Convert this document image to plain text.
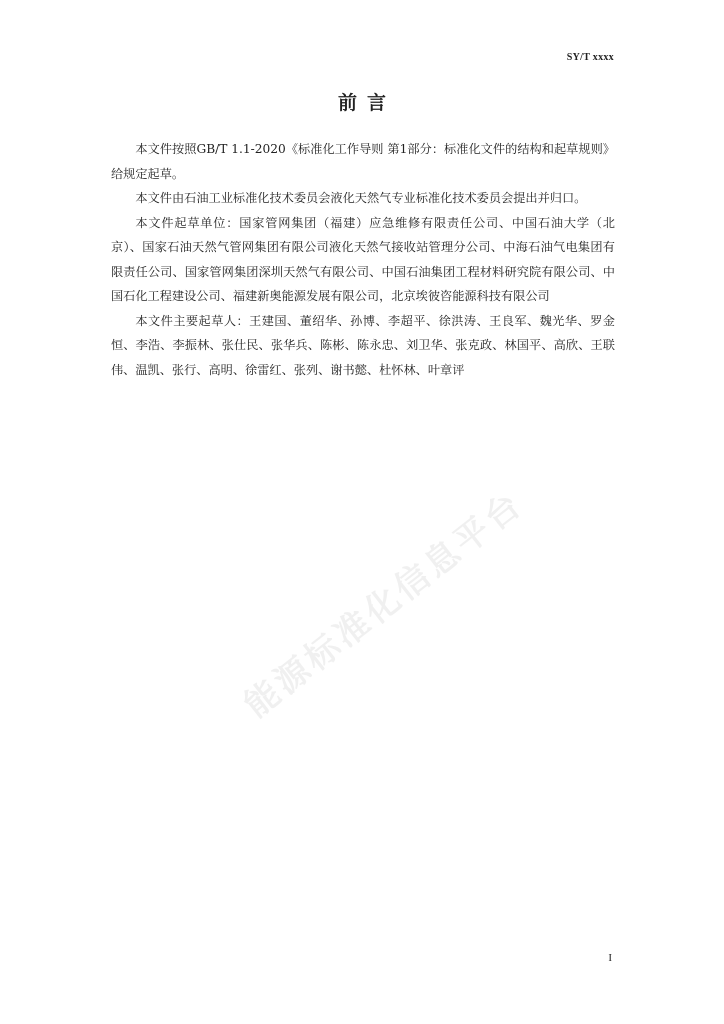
SY/T xxxx
前言

本文件按照GB/T 1.1-2020《标准化工作导则 第1部分：标准化文件的结构和起草规则》给规定起草。

本文件由石油工业标准化技术委员会液化天然气专业标准化技术委员会提出并归口。

本文件起草单位：国家管网集团（福建）应急维修有限责任公司、中国石油大学（北京）、国家石油天然气管网集团有限公司液化天然气接收站管理分公司、中海石油气电集团有限责任公司、国家管网集团深圳天然气有限公司、中国石油集团工程材料研究院有限公司、中国石化工程建设公司、福建新奥能源发展有限公司，北京埃彼咨能源科技有限公司

本文件主要起草人：王建国、董绍华、孙博、李超平、徐洪涛、王良军、魏光华、罗金恒、李浩、李振林、张仕民、张华兵、陈彬、陈永忠、刘卫华、张克政、林国平、高欣、王联伟、温凯、张行、高明、徐雷红、张列、谢书懿、杜怀林、叶章评

能源标准化信息平台
I
